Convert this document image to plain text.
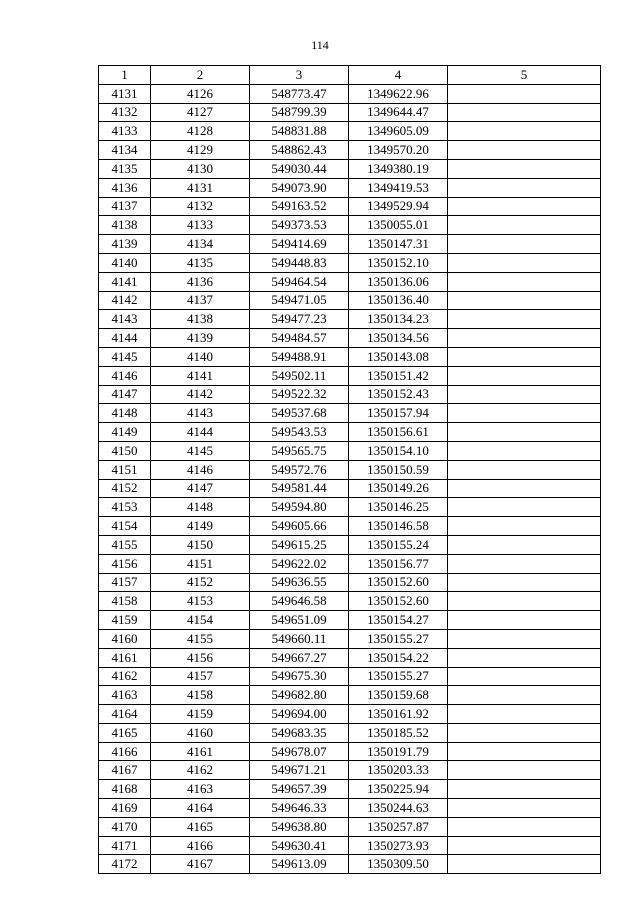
114
1	2	3	4	5
4131	4126	548773.47	1349622.96	
4132	4127	548799.39	1349644.47	
4133	4128	548831.88	1349605.09	
4134	4129	548862.43	1349570.20	
4135	4130	549030.44	1349380.19	
4136	4131	549073.90	1349419.53	
4137	4132	549163.52	1349529.94	
4138	4133	549373.53	1350055.01	
4139	4134	549414.69	1350147.31	
4140	4135	549448.83	1350152.10	
4141	4136	549464.54	1350136.06	
4142	4137	549471.05	1350136.40	
4143	4138	549477.23	1350134.23	
4144	4139	549484.57	1350134.56	
4145	4140	549488.91	1350143.08	
4146	4141	549502.11	1350151.42	
4147	4142	549522.32	1350152.43	
4148	4143	549537.68	1350157.94	
4149	4144	549543.53	1350156.61	
4150	4145	549565.75	1350154.10	
4151	4146	549572.76	1350150.59	
4152	4147	549581.44	1350149.26	
4153	4148	549594.80	1350146.25	
4154	4149	549605.66	1350146.58	
4155	4150	549615.25	1350155.24	
4156	4151	549622.02	1350156.77	
4157	4152	549636.55	1350152.60	
4158	4153	549646.58	1350152.60	
4159	4154	549651.09	1350154.27	
4160	4155	549660.11	1350155.27	
4161	4156	549667.27	1350154.22	
4162	4157	549675.30	1350155.27	
4163	4158	549682.80	1350159.68	
4164	4159	549694.00	1350161.92	
4165	4160	549683.35	1350185.52	
4166	4161	549678.07	1350191.79	
4167	4162	549671.21	1350203.33	
4168	4163	549657.39	1350225.94	
4169	4164	549646.33	1350244.63	
4170	4165	549638.80	1350257.87	
4171	4166	549630.41	1350273.93	
4172	4167	549613.09	1350309.50	
